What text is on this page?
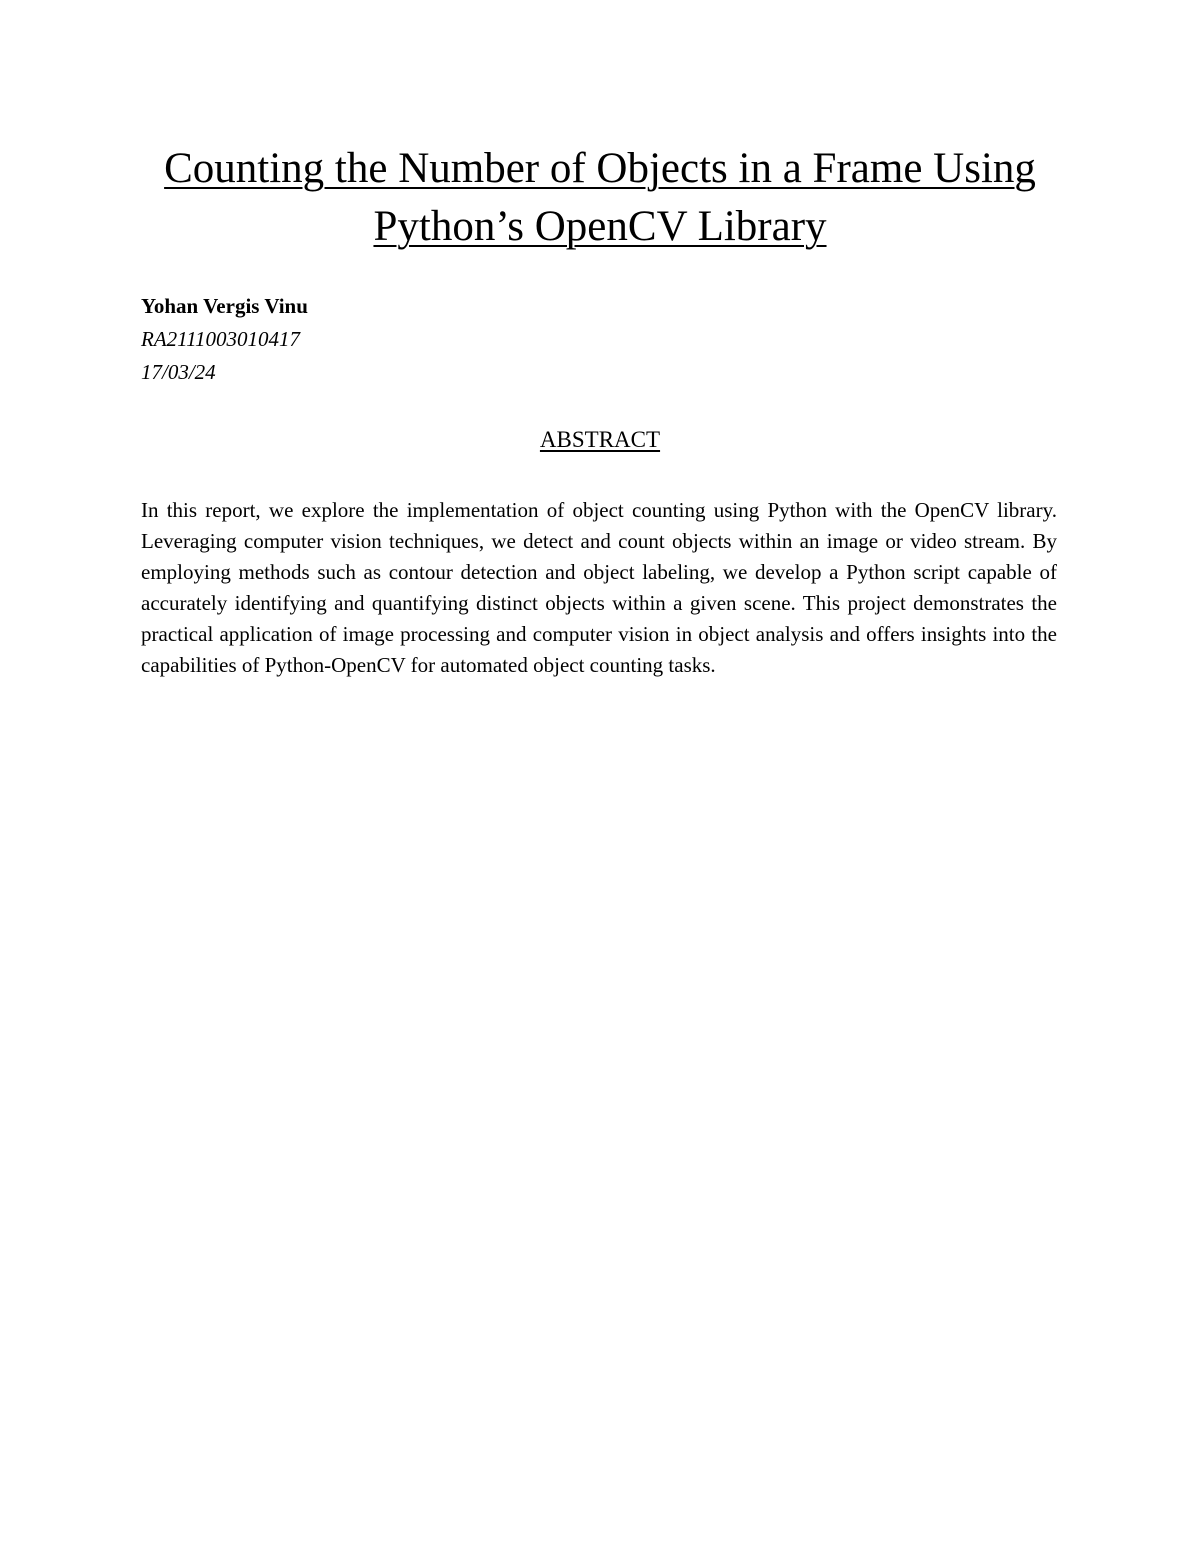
Counting the Number of Objects in a Frame Using
Python’s OpenCV Library
Yohan Vergis Vinu
RA2111003010417
17/03/24
ABSTRACT

In this report, we explore the implementation of object counting using Python with the OpenCV library. Leveraging computer vision techniques, we detect and count objects within an image or video stream. By employing methods such as contour detection and object labeling, we develop a Python script capable of accurately identifying and quantifying distinct objects within a given scene. This project demonstrates the practical application of image processing and computer vision in object analysis and offers insights into the capabilities of Python-OpenCV for automated object counting tasks.
